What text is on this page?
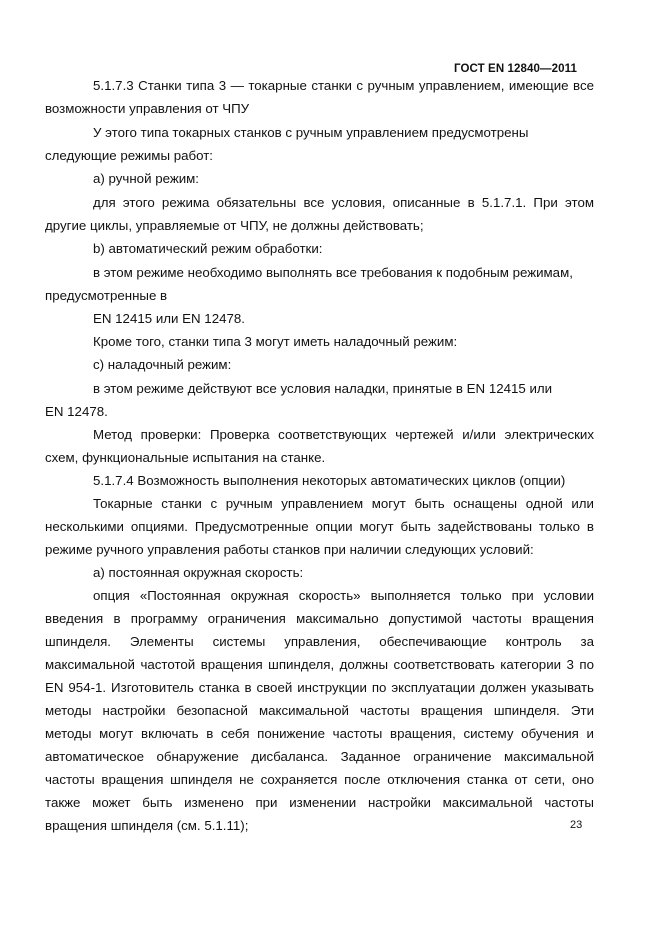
ГОСТ EN 12840—2011
5.1.7.3 Станки типа 3 — токарные станки с ручным управлением, имеющие все
возможности управления от ЧПУ
У этого типа токарных станков с ручным управлением предусмотрены
следующие режимы работ:
а) ручной режим:
для этого режима обязательны все условия, описанные в 5.1.7.1. При этом
другие циклы, управляемые от ЧПУ, не должны действовать;
b) автоматический режим обработки:
в этом режиме необходимо выполнять все требования к подобным режимам,
предусмотренные в
EN 12415 или EN 12478.
Кроме того, станки типа 3 могут иметь наладочный режим:
c) наладочный режим:
в этом режиме действуют все условия наладки, принятые в EN 12415 или
EN 12478.
Метод проверки: Проверка соответствующих чертежей и/или электрических
схем, функциональные испытания на станке.
5.1.7.4 Возможность выполнения некоторых автоматических циклов (опции)
Токарные станки с ручным управлением могут быть оснащены одной или
несколькими опциями. Предусмотренные опции могут быть задействованы только в
режиме ручного управления работы станков при наличии следующих условий:
а) постоянная окружная скорость:
опция «Постоянная окружная скорость» выполняется только при условии
введения в программу ограничения максимально допустимой частоты вращения
шпинделя. Элементы системы управления, обеспечивающие контроль за
максимальной частотой вращения шпинделя, должны соответствовать категории 3 по
EN 954-1. Изготовитель станка в своей инструкции по эксплуатации должен указывать
методы настройки безопасной максимальной частоты вращения шпинделя. Эти
методы могут включать в себя понижение частоты вращения, систему обучения и
автоматическое обнаружение дисбаланса. Заданное ограничение максимальной
частоты вращения шпинделя не сохраняется после отключения станка от сети, оно
также может быть изменено при изменении настройки максимальной частоты
вращения шпинделя (см. 5.1.11);	23
